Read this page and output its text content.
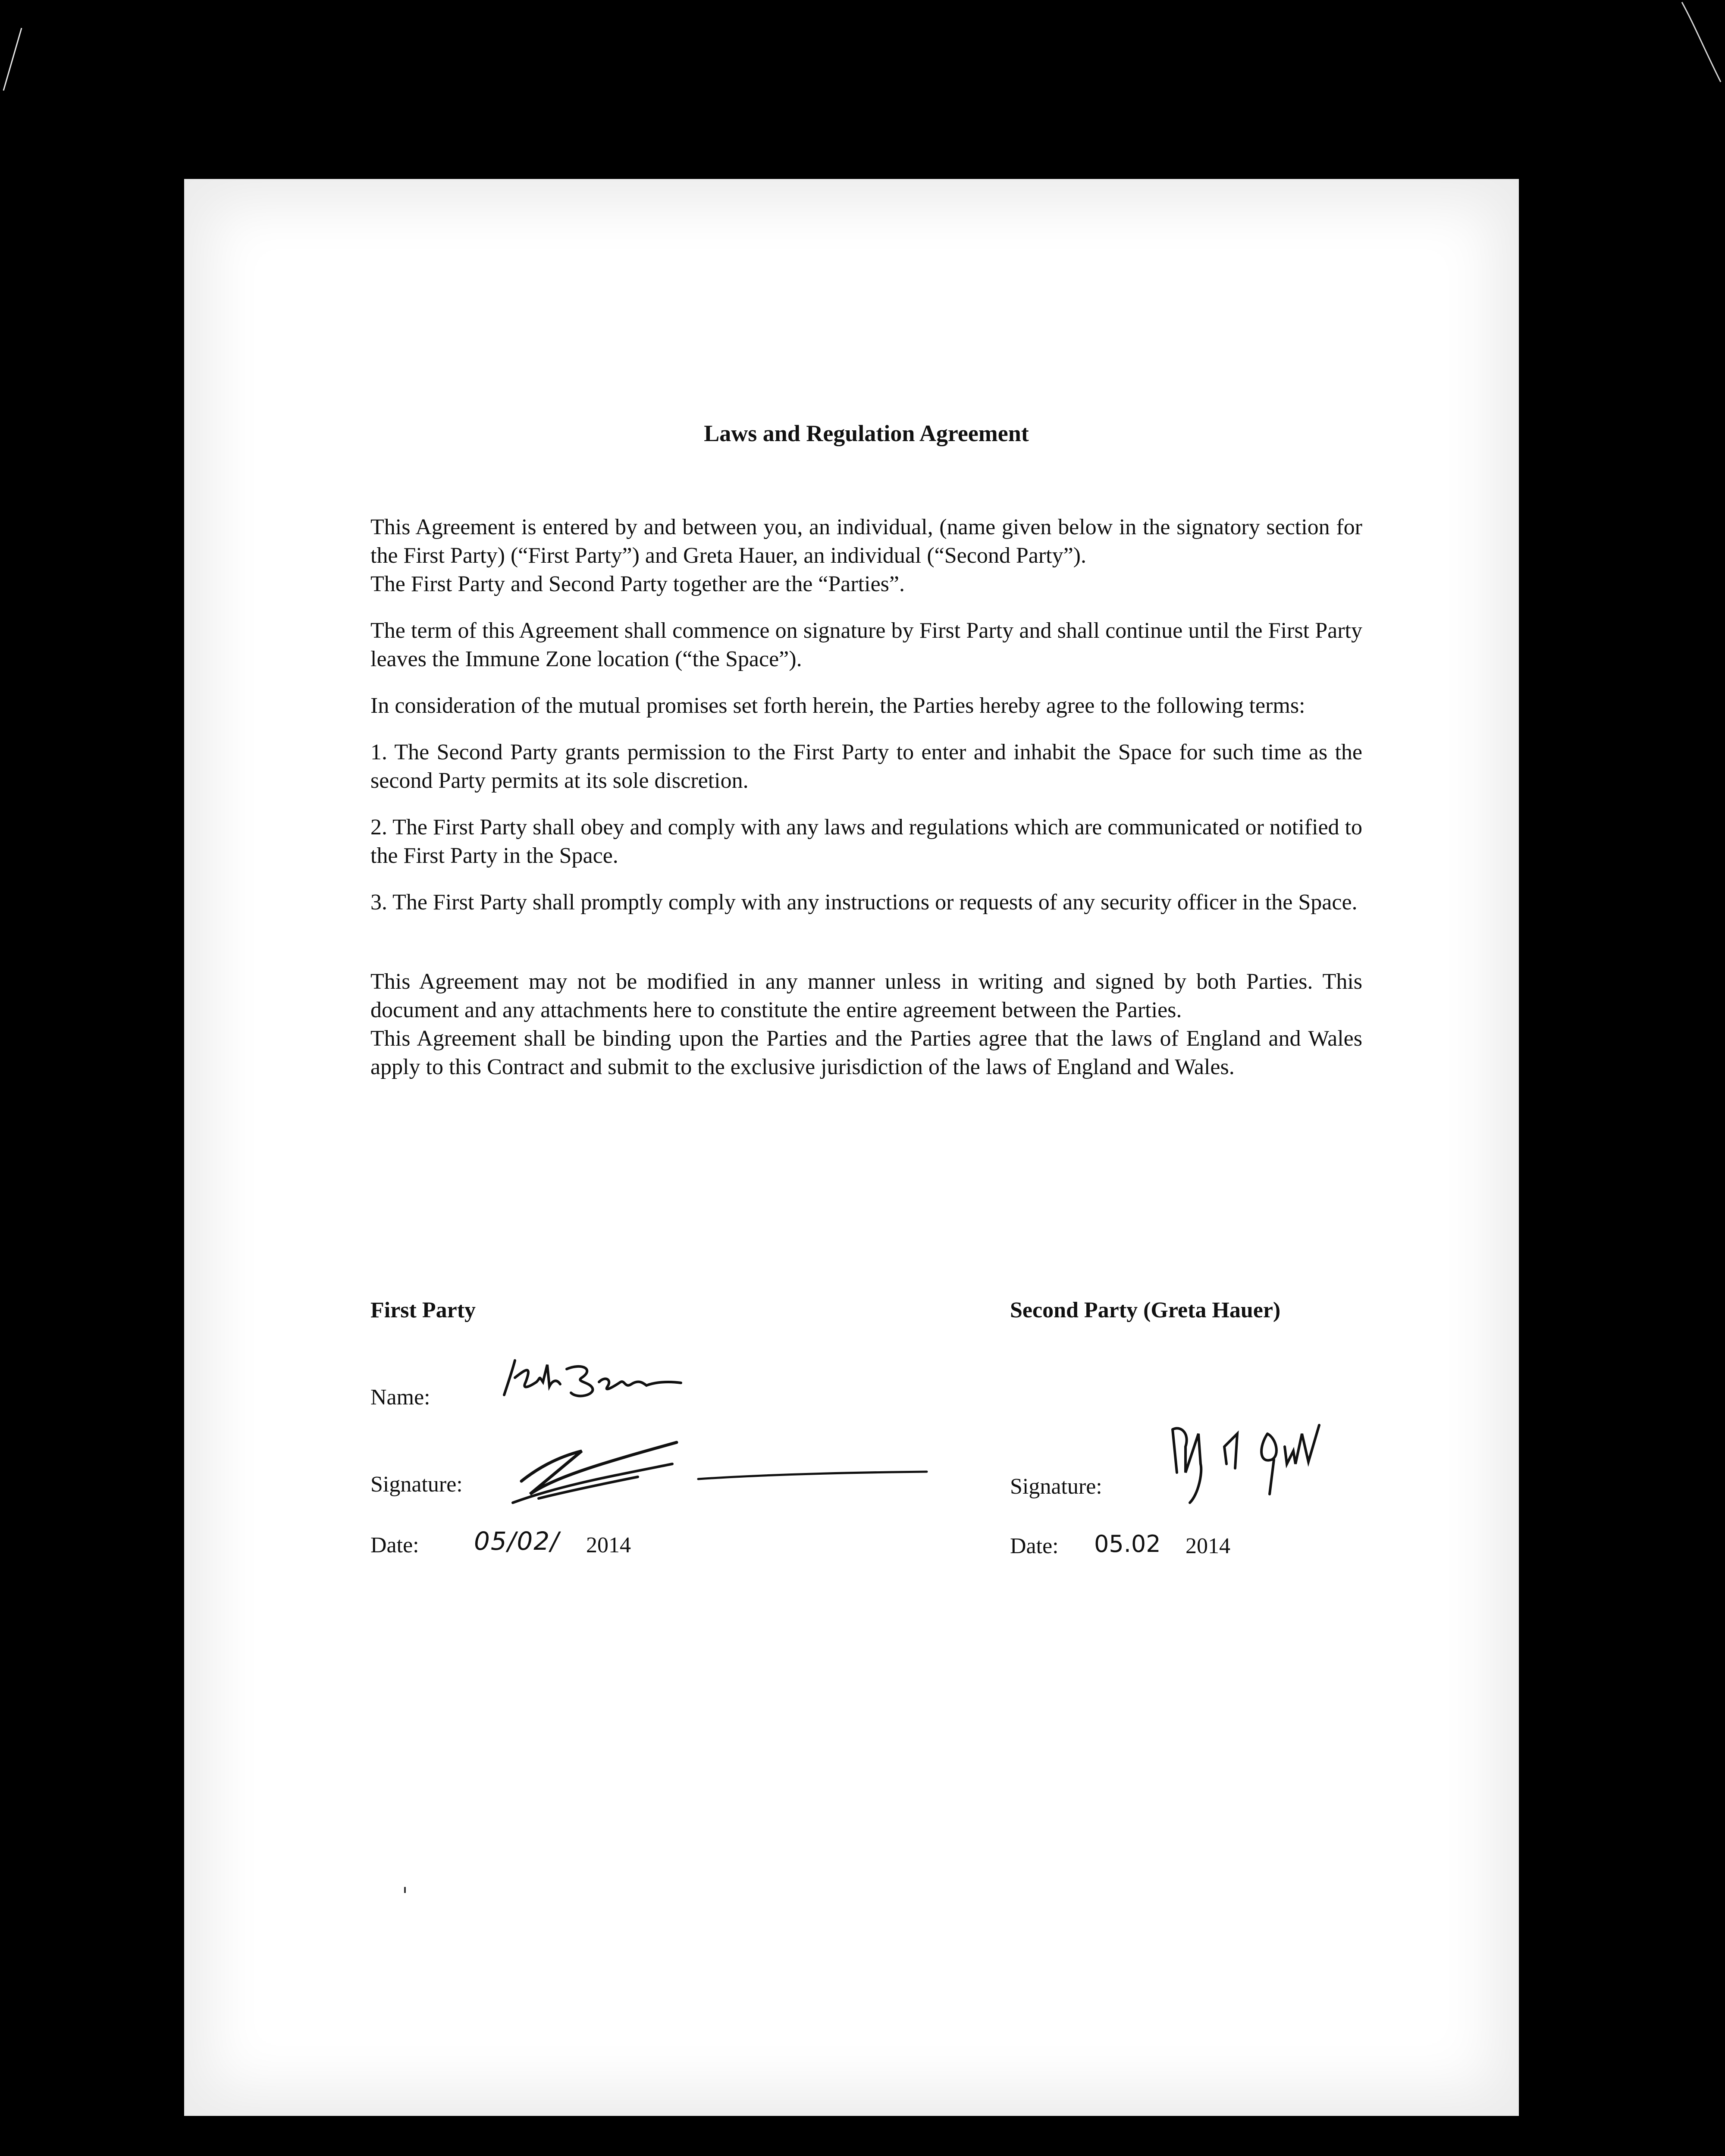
Laws and Regulation Agreement

This Agreement is entered by and between you, an individual, (name given below in the signatory section for the First Party) (“First Party”) and Greta Hauer, an individual (“Second Party”).
The First Party and Second Party together are the “Parties”.

The term of this Agreement shall commence on signature by First Party and shall continue until the First Party leaves the Immune Zone location (“the Space”).

In consideration of the mutual promises set forth herein, the Parties hereby agree to the following terms:

1. The Second Party grants permission to the First Party to enter and inhabit the Space for such time as the second Party permits at its sole discretion.

2. The First Party shall obey and comply with any laws and regulations which are communicated or notified to the First Party in the Space.

3. The First Party shall promptly comply with any instructions or requests of any security officer in the Space.

This Agreement may not be modified in any manner unless in writing and signed by both Parties. This document and any attachments here to constitute the entire agreement between the Parties.
This Agreement shall be binding upon the Parties and the Parties agree that the laws of England and Wales apply to this Contract and submit to the exclusive jurisdiction of the laws of England and Wales.

First Party
Name:
Signature:
Date: 05/02/ 2014
Second Party (Greta Hauer)
Signature:
Date: 05.02 2014
